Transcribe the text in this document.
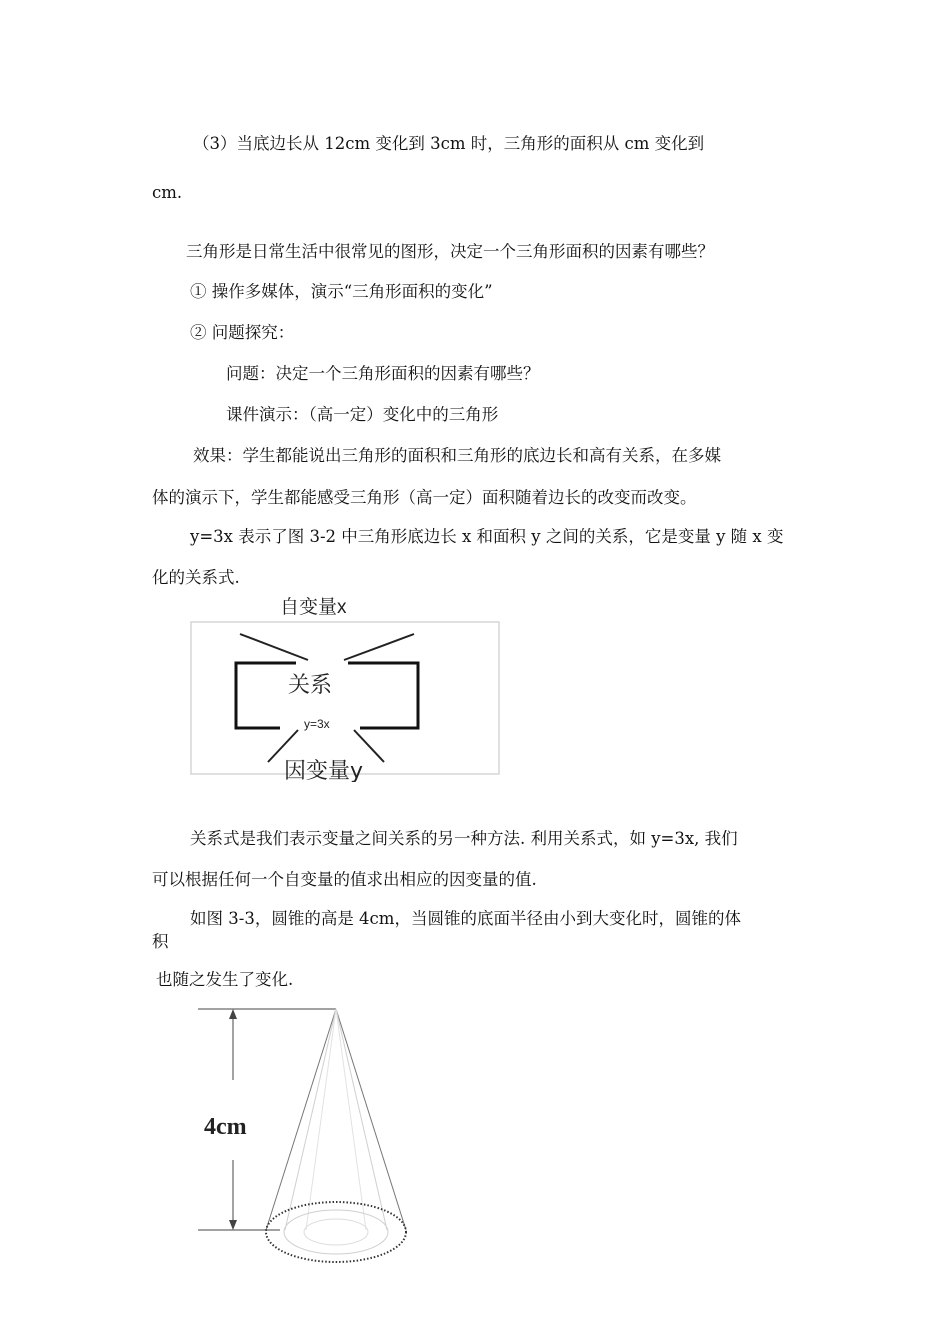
（3）当底边长从 12cm 变化到 3cm 时，三角形的面积从 cm 变化到
cm.
三角形是日常生活中很常见的图形，决定一个三角形面积的因素有哪些？
① 操作多媒体，演示“三角形面积的变化”
② 问题探究：
问题：决定一个三角形面积的因素有哪些？
课件演示：（高一定）变化中的三角形
效果：学生都能说出三角形的面积和三角形的底边长和高有关系，在多媒
体的演示下，学生都能感受三角形（高一定）面积随着边长的改变而改变。
y=3x 表示了图 3-2 中三角形底边长 x 和面积 y 之间的关系，它是变量 y 随 x 变
化的关系式.
自变量x
关系
y=3x
因变量y
关系式是我们表示变量之间关系的另一种方法. 利用关系式，如 y=3x, 我们
可以根据任何一个自变量的值求出相应的因变量的值.
如图 3-3，圆锥的高是 4cm，当圆锥的底面半径由小到大变化时，圆锥的体
积
也随之发生了变化.
4cm
